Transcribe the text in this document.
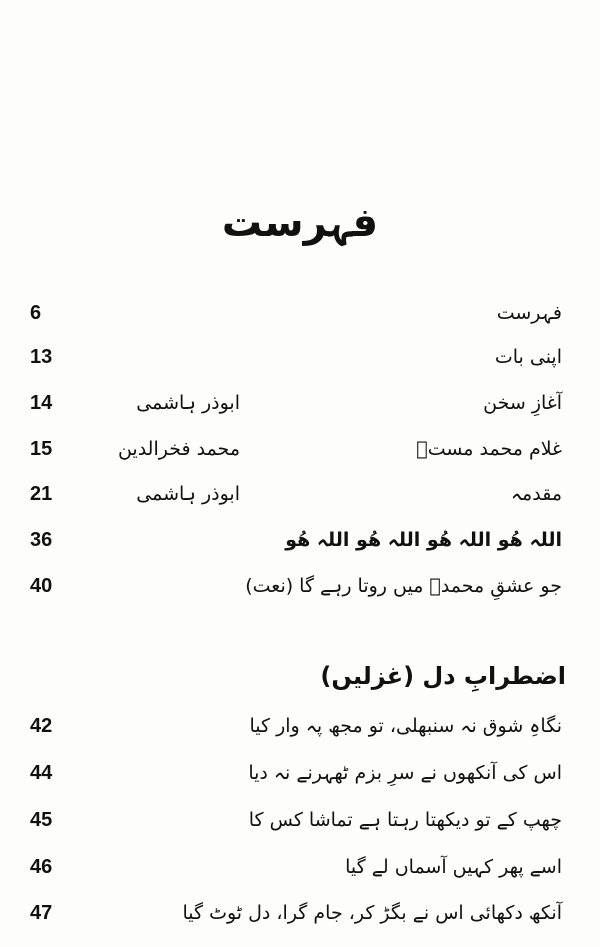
فہرست
6	فہرست
13	اپنی بات
14	ابوذر ہاشمی	آغازِ سخن
15	محمد فخرالدین	غلام محمد مستؔ
21	ابوذر ہاشمی	مقدمہ
36	اللہ ھُو اللہ ھُو اللہ ھُو اللہ ھُو
40	جو عشقِ محمدؐ میں روتا رہے گا (نعت)
اضطرابِ دل (غزلیں)
42	نگاہِ شوق نہ سنبھلی، تو مجھ پہ وار کیا
44	اس کی آنکھوں نے سرِ بزم ٹھہرنے نہ دیا
45	چھپ کے تو دیکھتا رہتا ہے تماشا کس کا
46	اسے پھر کہیں آسماں لے گیا
47	آنکھ دکھائی اس نے بگڑ کر، جام گرا، دل ٹوٹ گیا
